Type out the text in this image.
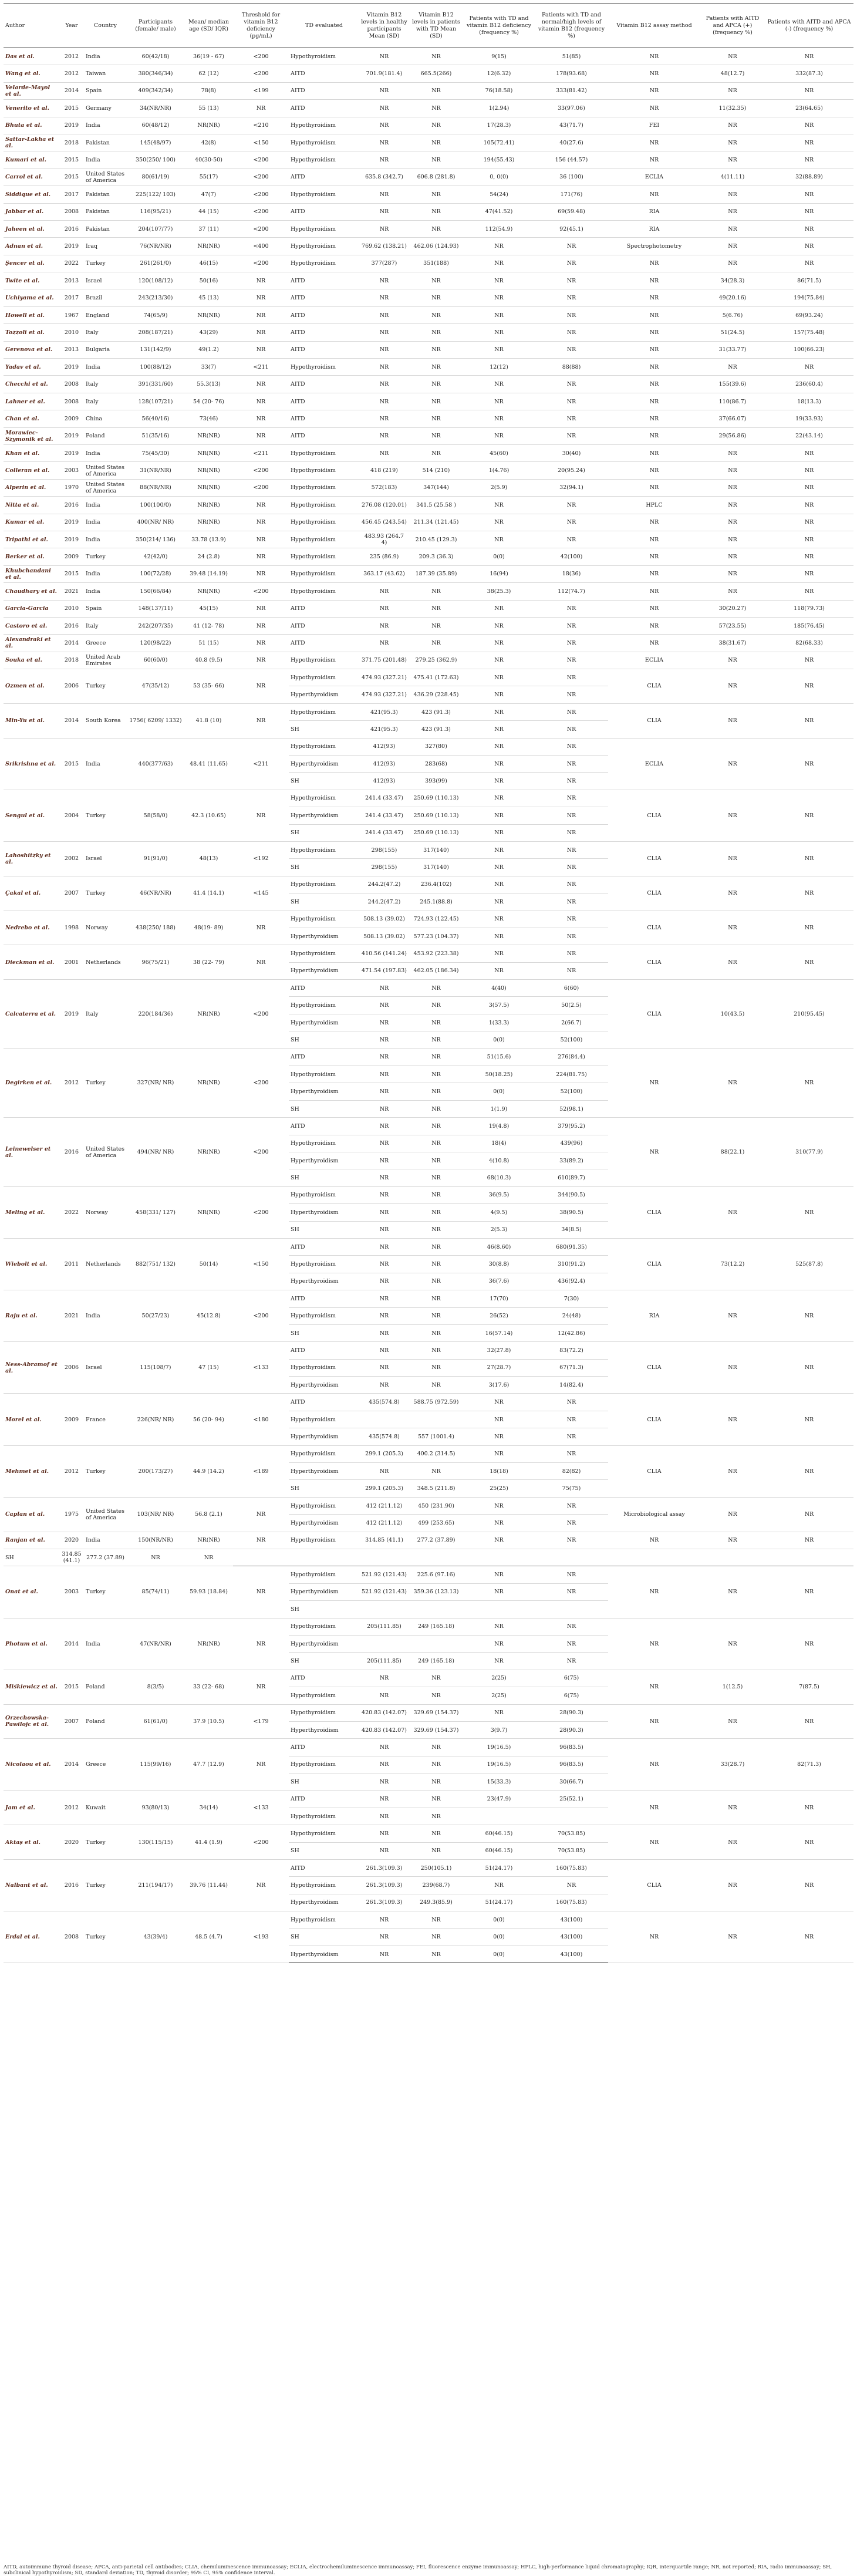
Author	Year	Country	Participants (female/ male)	Mean/ median age (SD/ IQR)	Threshold for vitamin B12 deficiency (pg/mL)	TD evaluated	Vitamin B12 levels in healthy participants Mean (SD)	Vitamin B12 levels in patients with TD Mean (SD)	Patients with TD and vitamin B12 deficiency (frequency %)	Patients with TD and normal/high levels of vitamin B12 (frequency %)	Vitamin B12 assay method	Patients with AITD and APCA (+) (frequency %)	Patients with AITD and APCA (-) (frequency %)
Das et al.	2012	India	60(42/18)	36(19 - 67)	<200	Hypothyroidism	NR	NR	9(15)	51(85)	NR	NR	NR
Wang et al.	2012	Taiwan	380(346/34)	62 (12)	<200	AITD	701.9(181.4)	665.5(266)	12(6.32)	178(93.68)	NR	48(12.7)	332(87.3)
Velarde-Mayol et al.	2014	Spain	409(342/34)	78(8)	<199	AITD	NR	NR	76(18.58)	333(81.42)	NR	NR	NR
Venerito et al.	2015	Germany	34(NR/NR)	55 (13)	NR	AITD	NR	NR	1(2.94)	33(97.06)	NR	11(32.35)	23(64.65)
Bhuta et al.	2019	India	60(48/12)	NR(NR)	<210	Hypothyroidism	NR	NR	17(28.3)	43(71.7)	FEI	NR	NR
Sattar-Lakha et al.	2018	Pakistan	145(48/97)	42(8)	<150	Hypothyroidism	NR	NR	105(72.41)	40(27.6)	NR	NR	NR
Kumari et al.	2015	India	350(250/ 100)	40(30-50)	<200	Hypothyroidism	NR	NR	194(55.43)	156 (44.57)	NR	NR	NR
Carrol et al.	2015	United States of America	80(61/19)	55(17)	<200	AITD	635.8 (342.7)	606.8 (281.8)	0, 0(0)	36 (100)	ECLIA	4(11.11)	32(88.89)
Siddique et al.	2017	Pakistan	225(122/ 103)	47(7)	<200	Hypothyroidism	NR	NR	54(24)	171(76)	NR	NR	NR
Jabbar et al.	2008	Pakistan	116(95/21)	44 (15)	<200	AITD	NR	NR	47(41.52)	69(59.48)	RIA	NR	NR
Jaheen et al.	2016	Pakistan	204(107/77)	37 (11)	<200	Hypothyroidism	NR	NR	112(54.9)	92(45.1)	RIA	NR	NR
Adnan et al.	2019	Iraq	76(NR/NR)	NR(NR)	<400	Hypothyroidism	769.62 (138.21)	462.06 (124.93)	NR	NR	Spectrophotometry	NR	NR
Şencer et al.	2022	Turkey	261(261/0)	46(15)	<200	Hypothyroidism	377(287)	351(188)	NR	NR	NR	NR	NR
Twite et al.	2013	Israel	120(108/12)	50(16)	NR	AITD	NR	NR	NR	NR	NR	34(28.3)	86(71.5)
Uchiyama et al.	2017	Brazil	243(213/30)	45 (13)	NR	AITD	NR	NR	NR	NR	NR	49(20.16)	194(75.84)
Howell et al.	1967	England	74(65/9)	NR(NR)	NR	AITD	NR	NR	NR	NR	NR	5(6.76)	69(93.24)
Tozzoli et al.	2010	Italy	208(187/21)	43(29)	NR	AITD	NR	NR	NR	NR	NR	51(24.5)	157(75.48)
Gerenova et al.	2013	Bulgaria	131(142/9)	49(1.2)	NR	AITD	NR	NR	NR	NR	NR	31(33.77)	100(66.23)
Yadav et al.	2019	India	100(88/12)	33(7)	<211	Hypothyroidism	NR	NR	12(12)	88(88)	NR	NR	NR
Checchi et al.	2008	Italy	391(331/60)	55.3(13)	NR	AITD	NR	NR	NR	NR	NR	155(39.6)	236(60.4)
Lahner et al.	2008	Italy	128(107/21)	54 (20- 76)	NR	AITD	NR	NR	NR	NR	NR	110(86.7)	18(13.3)
Chan et al.	2009	China	56(40/16)	73(46)	NR	AITD	NR	NR	NR	NR	NR	37(66.07)	19(33.93)
Morawiec-Szymonik et al.	2019	Poland	51(35/16)	NR(NR)	NR	AITD	NR	NR	NR	NR	NR	29(56.86)	22(43.14)
Khan et al.	2019	India	75(45/30)	NR(NR)	<211	Hypothyroidism	NR	NR	45(60)	30(40)	NR	NR	NR
Colleran et al.	2003	United States of America	31(NR/NR)	NR(NR)	<200	Hypothyroidism	418 (219)	514 (210)	1(4.76)	20(95.24)	NR	NR	NR
Alperin et al.	1970	United States of America	88(NR/NR)	NR(NR)	<200	Hypothyroidism	572(183)	347(144)	2(5.9)	32(94.1)	NR	NR	NR
Nitta et al.	2016	India	100(100/0)	NR(NR)	NR	Hypothyroidism	276.08 (120.01)	341.5 (25.58 )	NR	NR	HPLC	NR	NR
Kumar et al.	2019	India	400(NR/ NR)	NR(NR)	NR	Hypothyroidism	456.45 (243.54)	211.34 (121.45)	NR	NR	NR	NR	NR
Tripathi et al.	2019	India	350(214/ 136)	33.78 (13.9)	NR	Hypothyroidism	483.93 (264.7 4)	210.45 (129.3)	NR	NR	NR	NR	NR
Berker et al.	2009	Turkey	42(42/0)	24 (2.8)	NR	Hypothyroidism	235 (86.9)	209.3 (36.3)	0(0)	42(100)	NR	NR	NR
Khubchandani et al.	2015	India	100(72/28)	39.48 (14.19)	NR	Hypothyroidism	363.17 (43.62)	187.39 (35.89)	16(94)	18(36)	NR	NR	NR
Chaudhary et al.	2021	India	150(66/84)	NR(NR)	<200	Hypothyroidism	NR	NR	38(25.3)	112(74.7)	NR	NR	NR
Garcia-Garcia	2010	Spain	148(137/11)	45(15)	NR	AITD	NR	NR	NR	NR	NR	30(20.27)	118(79.73)
Castoro et al.	2016	Italy	242(207/35)	41 (12- 78)	NR	AITD	NR	NR	NR	NR	NR	57(23.55)	185(76.45)
Alexandraki et al.	2014	Greece	120(98/22)	51 (15)	NR	AITD	NR	NR	NR	NR	NR	38(31.67)	82(68.33)
Souka et al.	2018	United Arab Emirates	60(60/0)	40.8 (9.5)	NR	Hypothyroidism	371.75 (201.48)	279.25 (362.9)	NR	NR	ECLIA	NR	NR
Ozmen et al.	2006	Turkey	47(35/12)	53 (35- 66)	NR	Hypothyroidism	474.93 (327.21)	475.41 (172.63)	NR	NR	CLIA	NR	NR
						Hyperthyroidism	474.93 (327.21)	436.29 (228.45)	NR	NR			
Min-Yu et al.	2014	South Korea	1756( 6209/ 1332)	41.8 (10)	NR	Hypothyroidism	421(95.3)	423 (91.3)	NR	NR	CLIA	NR	NR
						SH	421(95.3)	423 (91.3)	NR	NR			
Srikrishna et al.	2015	India	440(377/63)	48.41 (11.65)	<211	Hypothyroidism	412(93)	327(80)	NR	NR	ECLIA	NR	NR
						Hyperthyroidism	412(93)	283(68)	NR	NR			
						SH	412(93)	393(99)	NR	NR			
Sengul et al.	2004	Turkey	58(58/0)	42.3 (10.65)	NR	Hypothyroidism	241.4 (33.47)	250.69 (110.13)	NR	NR	CLIA	NR	NR
						Hyperthyroidism	241.4 (33.47)	250.69 (110.13)	NR	NR			
						SH	241.4 (33.47)	250.69 (110.13)	NR	NR			
Lahoshitzky et al.	2002	Israel	91(91/0)	48(13)	<192	Hypothyroidism	298(155)	317(140)	NR	NR	CLIA	NR	NR
						SH	298(155)	317(140)	NR	NR			
Çakal et al.	2007	Turkey	46(NR/NR)	41.4 (14.1)	<145	Hypothyroidism	244.2(47.2)	236.4(102)	NR	NR	CLIA	NR	NR
						SH	244.2(47.2)	245.1(88.8)	NR	NR			
Nedrebo et al.	1998	Norway	438(250/ 188)	48(19- 89)	NR	Hypothyroidism	508.13 (39.02)	724.93 (122.45)	NR	NR	CLIA	NR	NR
						Hyperthyroidism	508.13 (39.02)	577.23 (104.37)	NR	NR			
Dieckman et al.	2001	Netherlands	96(75/21)	38 (22- 79)	NR	Hypothyroidism	410.56 (141.24)	453.92 (223.38)	NR	NR	CLIA	NR	NR
						Hyperthyroidism	471.54 (197.83)	462.05 (186.34)	NR	NR			
Calcaterra et al.	2019	Italy	220(184/36)	NR(NR)	<200	AITD	NR	NR	4(40)	6(60)	CLIA	10(43.5)	210(95.45)
						Hypothyroidism	NR	NR	3(57.5)	50(2.5)			
						Hyperthyroidism	NR	NR	1(33.3)	2(66.7)			
						SH	NR	NR	0(0)	52(100)			
Degirken et al.	2012	Turkey	327(NR/ NR)	NR(NR)	<200	AITD	NR	NR	51(15.6)	276(84.4)	NR	NR	NR
						Hypothyroidism	NR	NR	50(18.25)	224(81.75)			
						Hyperthyroidism	NR	NR	0(0)	52(100)			
						SH	NR	NR	1(1.9)	52(98.1)			
Leinewelser et al.	2016	United States of America	494(NR/ NR)	NR(NR)	<200	AITD	NR	NR	19(4.8)	379(95.2)	NR	88(22.1)	310(77.9)
						Hypothyroidism	NR	NR	18(4)	439(96)			
						Hyperthyroidism	NR	NR	4(10.8)	33(89.2)			
						SH	NR	NR	68(10.3)	610(89.7)			
Meling et al.	2022	Norway	458(331/ 127)	NR(NR)	<200	Hypothyroidism	NR	NR	36(9.5)	344(90.5)	CLIA	NR	NR
						Hyperthyroidism	NR	NR	4(9.5)	38(90.5)			
						SH	NR	NR	2(5.3)	34(8.5)			
Wiebolt et al.	2011	Netherlands	882(751/ 132)	50(14)	<150	AITD	NR	NR	46(8.60)	680(91.35)	CLIA	73(12.2)	525(87.8)
						Hypothyroidism	NR	NR	30(8.8)	310(91.2)			
						Hyperthyroidism	NR	NR	36(7.6)	436(92.4)			
Raju et al.	2021	India	50(27/23)	45(12.8)	<200	AITD	NR	NR	17(70)	7(30)	RIA	NR	NR
						Hypothyroidism	NR	NR	26(52)	24(48)			
						SH	NR	NR	16(57.14)	12(42.86)			
Ness-Abramof et al.	2006	Israel	115(108/7)	47 (15)	<133	AITD	NR	NR	32(27.8)	83(72.2)	CLIA	NR	NR
						Hypothyroidism	NR	NR	27(28.7)	67(71.3)			
						Hyperthyroidism	NR	NR	3(17.6)	14(82.4)			
Morel et al.	2009	France	226(NR/ NR)	56 (20- 94)	<180	AITD	435(574.8)	588.75 (972.59)	NR	NR	CLIA	NR	NR
						Hypothyroidism			NR	NR			
						Hyperthyroidism	435(574.8)	557 (1001.4)	NR	NR			
Mehmet et al.	2012	Turkey	200(173/27)	44.9 (14.2)	<189	Hypothyroidism	299.1 (205.3)	400.2 (314.5)	NR	NR	CLIA	NR	NR
						Hyperthyroidism	NR	NR	18(18)	82(82)			
						SH	299.1 (205.3)	348.5 (211.8)	25(25)	75(75)			
Caplan et al.	1975	United States of America	103(NR/ NR)	56.8 (2.1)	NR	Hypothyroidism	412 (211.12)	450 (231.90)	NR	NR	Microbiological assay	NR	NR
						Hyperthyroidism	412 (211.12)	499 (253.65)	NR	NR			
Ranjan et al.	2020	India	150(NR/NR)	NR(NR)	NR	Hypothyroidism	314.85 (41.1)	277.2 (37.89)	NR	NR	NR	NR	NR
SH	314.85 (41.1)	277.2 (37.89)	NR	NR									
Onat et al.	2003	Turkey	85(74/11)	59.93 (18.84)	NR	Hypothyroidism	521.92 (121.43)	225.6 (97.16)	NR	NR	NR	NR	NR
						Hyperthyroidism	521.92 (121.43)	359.36 (123.13)	NR	NR			
						SH							
Photum et al.	2014	India	47(NR/NR)	NR(NR)	NR	Hypothyroidism	205(111.85)	249 (165.18)	NR	NR	NR	NR	NR
						Hyperthyroidism			NR	NR			
						SH	205(111.85)	249 (165.18)	NR	NR			
Miśkiewicz et al.	2015	Poland	8(3/5)	33 (22- 68)	NR	AITD	NR	NR	2(25)	6(75)	NR	1(12.5)	7(87.5)
						Hypothyroidism	NR	NR	2(25)	6(75)			
Orzechowska-Pawilojc et al.	2007	Poland	61(61/0)	37.9 (10.5)	<179	Hypothyroidism	420.83 (142.07)	329.69 (154.37)	NR	28(90.3)	NR	NR	NR
						Hyperthyroidism	420.83 (142.07)	329.69 (154.37)	3(9.7)	28(90.3)			
Nicolaou et al.	2014	Greece	115(99/16)	47.7 (12.9)	NR	AITD	NR	NR	19(16.5)	96(83.5)	NR	33(28.7)	82(71.3)
						Hypothyroidism	NR	NR	19(16.5)	96(83.5)			
						SH	NR	NR	15(33.3)	30(66.7)			
Jam et al.	2012	Kuwait	93(80/13)	34(14)	<133	AITD	NR	NR	23(47.9)	25(52.1)	NR	NR	NR
						Hypothyroidism	NR	NR					
Aktaş et al.	2020	Turkey	130(115/15)	41.4 (1.9)	<200	Hypothyroidism	NR	NR	60(46.15)	70(53.85)	NR	NR	NR
						SH	NR	NR	60(46.15)	70(53.85)			
Nalbant et al.	2016	Turkey	211(194/17)	39.76 (11.44)	NR	AITD	261.3(109.3)	250(105.1)	51(24.17)	160(75.83)	CLIA	NR	NR
						Hypothyroidism	261.3(109.3)	239(68.7)	NR	NR			
						Hyperthyroidism	261.3(109.3)	249.3(85.9)	51(24.17)	160(75.83)			
Erdal et al.	2008	Turkey	43(39/4)	48.5 (4.7)	<193	Hypothyroidism	NR	NR	0(0)	43(100)	NR	NR	NR
						SH	NR	NR	0(0)	43(100)			
						Hyperthyroidism	NR	NR	0(0)	43(100)			
AITD, autoimmune thyroid disease; APCA, anti-parietal cell antibodies; CLIA, chemiluminescence immunoassay; ECLIA, electrochemiluminescence immunoassay; FEI, fluorescence enzyme immunoassay; HPLC, high-performance liquid chromatography; IQR, interquartile range; NR, not reported; RIA, radio immunoassay; SH, subclinical hypothyroidism; SD, standard deviation; TD, thyroid disorder; 95% CI, 95% confidence interval.
